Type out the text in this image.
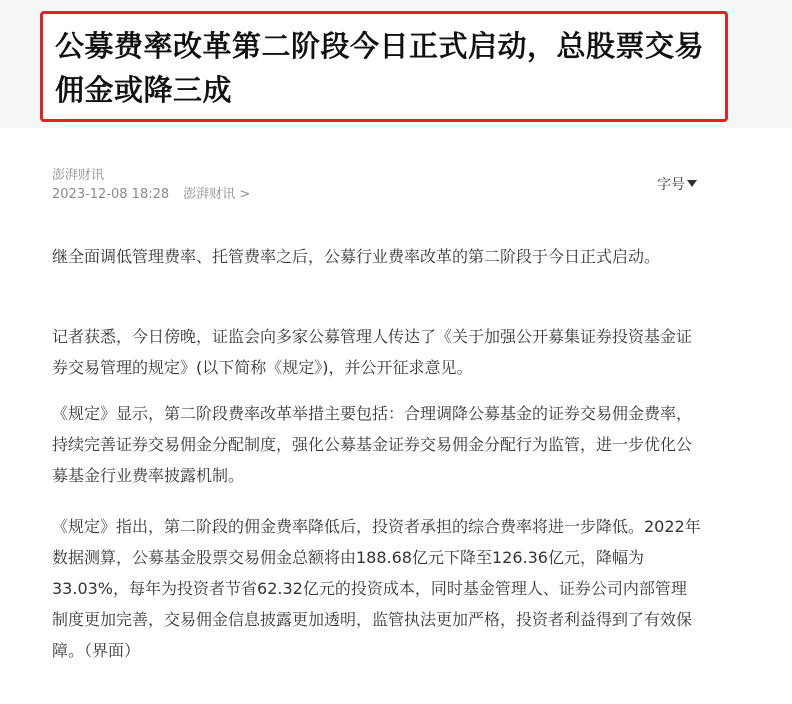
公募费率改革第二阶段今日正式启动，总股票交易佣金或降三成
澎湃财讯
2023-12-08 18:28 澎湃财讯 >
字号

继全面调低管理费率、托管费率之后，公募行业费率改革的第二阶段于今日正式启动。

记者获悉，今日傍晚，证监会向多家公募管理人传达了《关于加强公开募集证券投资基金证券交易管理的规定》(以下简称《规定》)，并公开征求意见。

《规定》显示，第二阶段费率改革举措主要包括：合理调降公募基金的证券交易佣金费率，持续完善证券交易佣金分配制度，强化公募基金证券交易佣金分配行为监管，进一步优化公募基金行业费率披露机制。

《规定》指出，第二阶段的佣金费率降低后，投资者承担的综合费率将进一步降低。2022年数据测算，公募基金股票交易佣金总额将由188.68亿元下降至126.36亿元，降幅为33.03%，每年为投资者节省62.32亿元的投资成本，同时基金管理人、证券公司内部管理制度更加完善，交易佣金信息披露更加透明，监管执法更加严格，投资者利益得到了有效保障。（界面）
